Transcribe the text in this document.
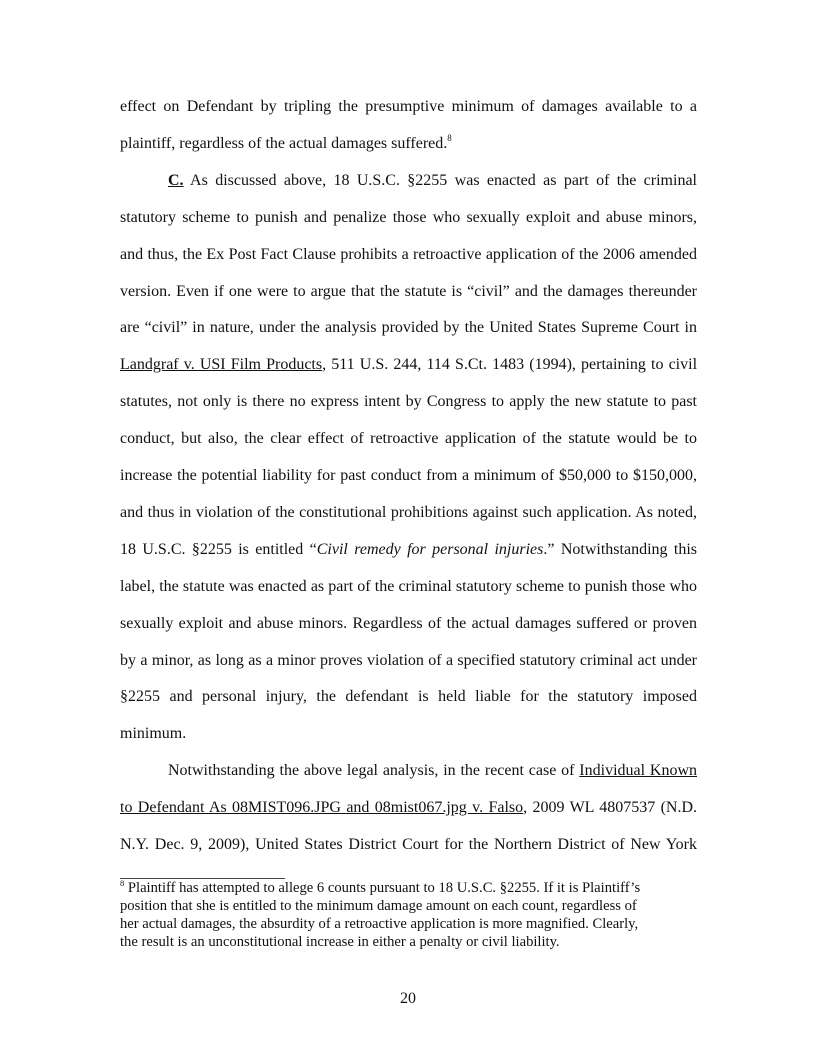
effect on Defendant by tripling the presumptive minimum of damages available to a
plaintiff, regardless of the actual damages suffered.$^8$
C. As discussed above, 18 U.S.C. §2255 was enacted as part of the criminal
statutory scheme to punish and penalize those who sexually exploit and abuse minors,
and thus, the Ex Post Fact Clause prohibits a retroactive application of the 2006 amended
version. Even if one were to argue that the statute is “civil” and the damages thereunder
are “civil” in nature, under the analysis provided by the United States Supreme Court in
Landgraf v. USI Film Products, 511 U.S. 244, 114 S.Ct. 1483 (1994), pertaining to civil
statutes, not only is there no express intent by Congress to apply the new statute to past
conduct, but also, the clear effect of retroactive application of the statute would be to
increase the potential liability for past conduct from a minimum of $50,000 to $150,000,
and thus in violation of the constitutional prohibitions against such application. As noted,
18 U.S.C. §2255 is entitled “Civil remedy for personal injuries.” Notwithstanding this
label, the statute was enacted as part of the criminal statutory scheme to punish those who
sexually exploit and abuse minors. Regardless of the actual damages suffered or proven
by a minor, as long as a minor proves violation of a specified statutory criminal act under
§2255 and personal injury, the defendant is held liable for the statutory imposed
minimum.
Notwithstanding the above legal analysis, in the recent case of Individual Known
to Defendant As 08MIST096.JPG and 08mist067.jpg v. Falso, 2009 WL 4807537 (N.D.
N.Y. Dec. 9, 2009), United States District Court for the Northern District of New York
$^8$ Plaintiff has attempted to allege 6 counts pursuant to 18 U.S.C. §2255. If it is Plaintiff’s
position that she is entitled to the minimum damage amount on each count, regardless of
her actual damages, the absurdity of a retroactive application is more magnified. Clearly,
the result is an unconstitutional increase in either a penalty or civil liability.
20
